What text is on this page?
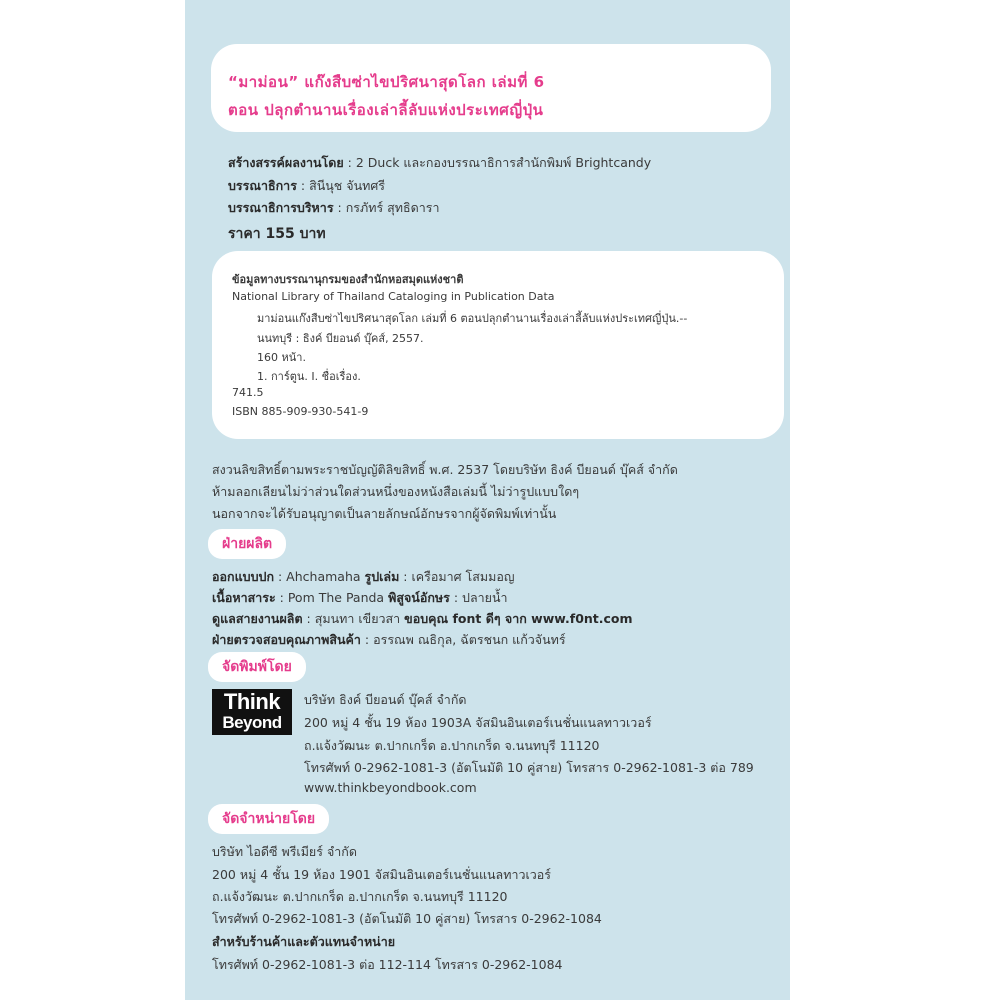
“มาม่อน” แก๊งสืบซ่าไขปริศนาสุดโลก เล่มที่ 6
ตอน ปลุกตำนานเรื่องเล่าลี้ลับแห่งประเทศญี่ปุ่น
สร้างสรรค์ผลงานโดย : 2 Duck และกองบรรณาธิการสำนักพิมพ์ Brightcandy
บรรณาธิการ : สินีนุช จันทศรี
บรรณาธิการบริหาร : กรภัทร์ สุทธิดารา
ราคา 155 บาท
ข้อมูลทางบรรณานุกรมของสำนักหอสมุดแห่งชาติ
National Library of Thailand Cataloging in Publication Data
มาม่อนแก๊งสืบซ่าไขปริศนาสุดโลก เล่มที่ 6 ตอนปลุกตำนานเรื่องเล่าลี้ลับแห่งประเทศญี่ปุ่น.--
นนทบุรี : ธิงค์ บียอนด์ บุ๊คส์, 2557.
160 หน้า.
1. การ์ตูน. I. ชื่อเรื่อง.
741.5
ISBN 885-909-930-541-9
สงวนลิขสิทธิ์ตามพระราชบัญญัติลิขสิทธิ์ พ.ศ. 2537 โดยบริษัท ธิงค์ บียอนด์ บุ๊คส์ จำกัด
ห้ามลอกเลียนไม่ว่าส่วนใดส่วนหนึ่งของหนังสือเล่มนี้ ไม่ว่ารูปแบบใดๆ
นอกจากจะได้รับอนุญาตเป็นลายลักษณ์อักษรจากผู้จัดพิมพ์เท่านั้น
ฝ่ายผลิต
ออกแบบปก : Ahchamaha รูปเล่ม : เครือมาศ โสมมอญ
เนื้อหาสาระ : Pom The Panda พิสูจน์อักษร : ปลายน้ำ
ดูแลสายงานผลิต : สุมนทา เขียวสา ขอบคุณ font ดีๆ จาก www.f0nt.com
ฝ่ายตรวจสอบคุณภาพสินค้า : อรรณพ ณธิกุล, ฉัตรชนก แก้วจันทร์
จัดพิมพ์โดย
Think
Beyond
บริษัท ธิงค์ บียอนด์ บุ๊คส์ จำกัด
200 หมู่ 4 ชั้น 19 ห้อง 1903A จัสมินอินเตอร์เนชั่นแนลทาวเวอร์
ถ.แจ้งวัฒนะ ต.ปากเกร็ด อ.ปากเกร็ด จ.นนทบุรี 11120
โทรศัพท์ 0-2962-1081-3 (อัตโนมัติ 10 คู่สาย) โทรสาร 0-2962-1081-3 ต่อ 789
www.thinkbeyondbook.com
จัดจำหน่ายโดย
บริษัท ไอดีซี พรีเมียร์ จำกัด
200 หมู่ 4 ชั้น 19 ห้อง 1901 จัสมินอินเตอร์เนชั่นแนลทาวเวอร์
ถ.แจ้งวัฒนะ ต.ปากเกร็ด อ.ปากเกร็ด จ.นนทบุรี 11120
โทรศัพท์ 0-2962-1081-3 (อัตโนมัติ 10 คู่สาย) โทรสาร 0-2962-1084
สำหรับร้านค้าและตัวแทนจำหน่าย
โทรศัพท์ 0-2962-1081-3 ต่อ 112-114 โทรสาร 0-2962-1084
